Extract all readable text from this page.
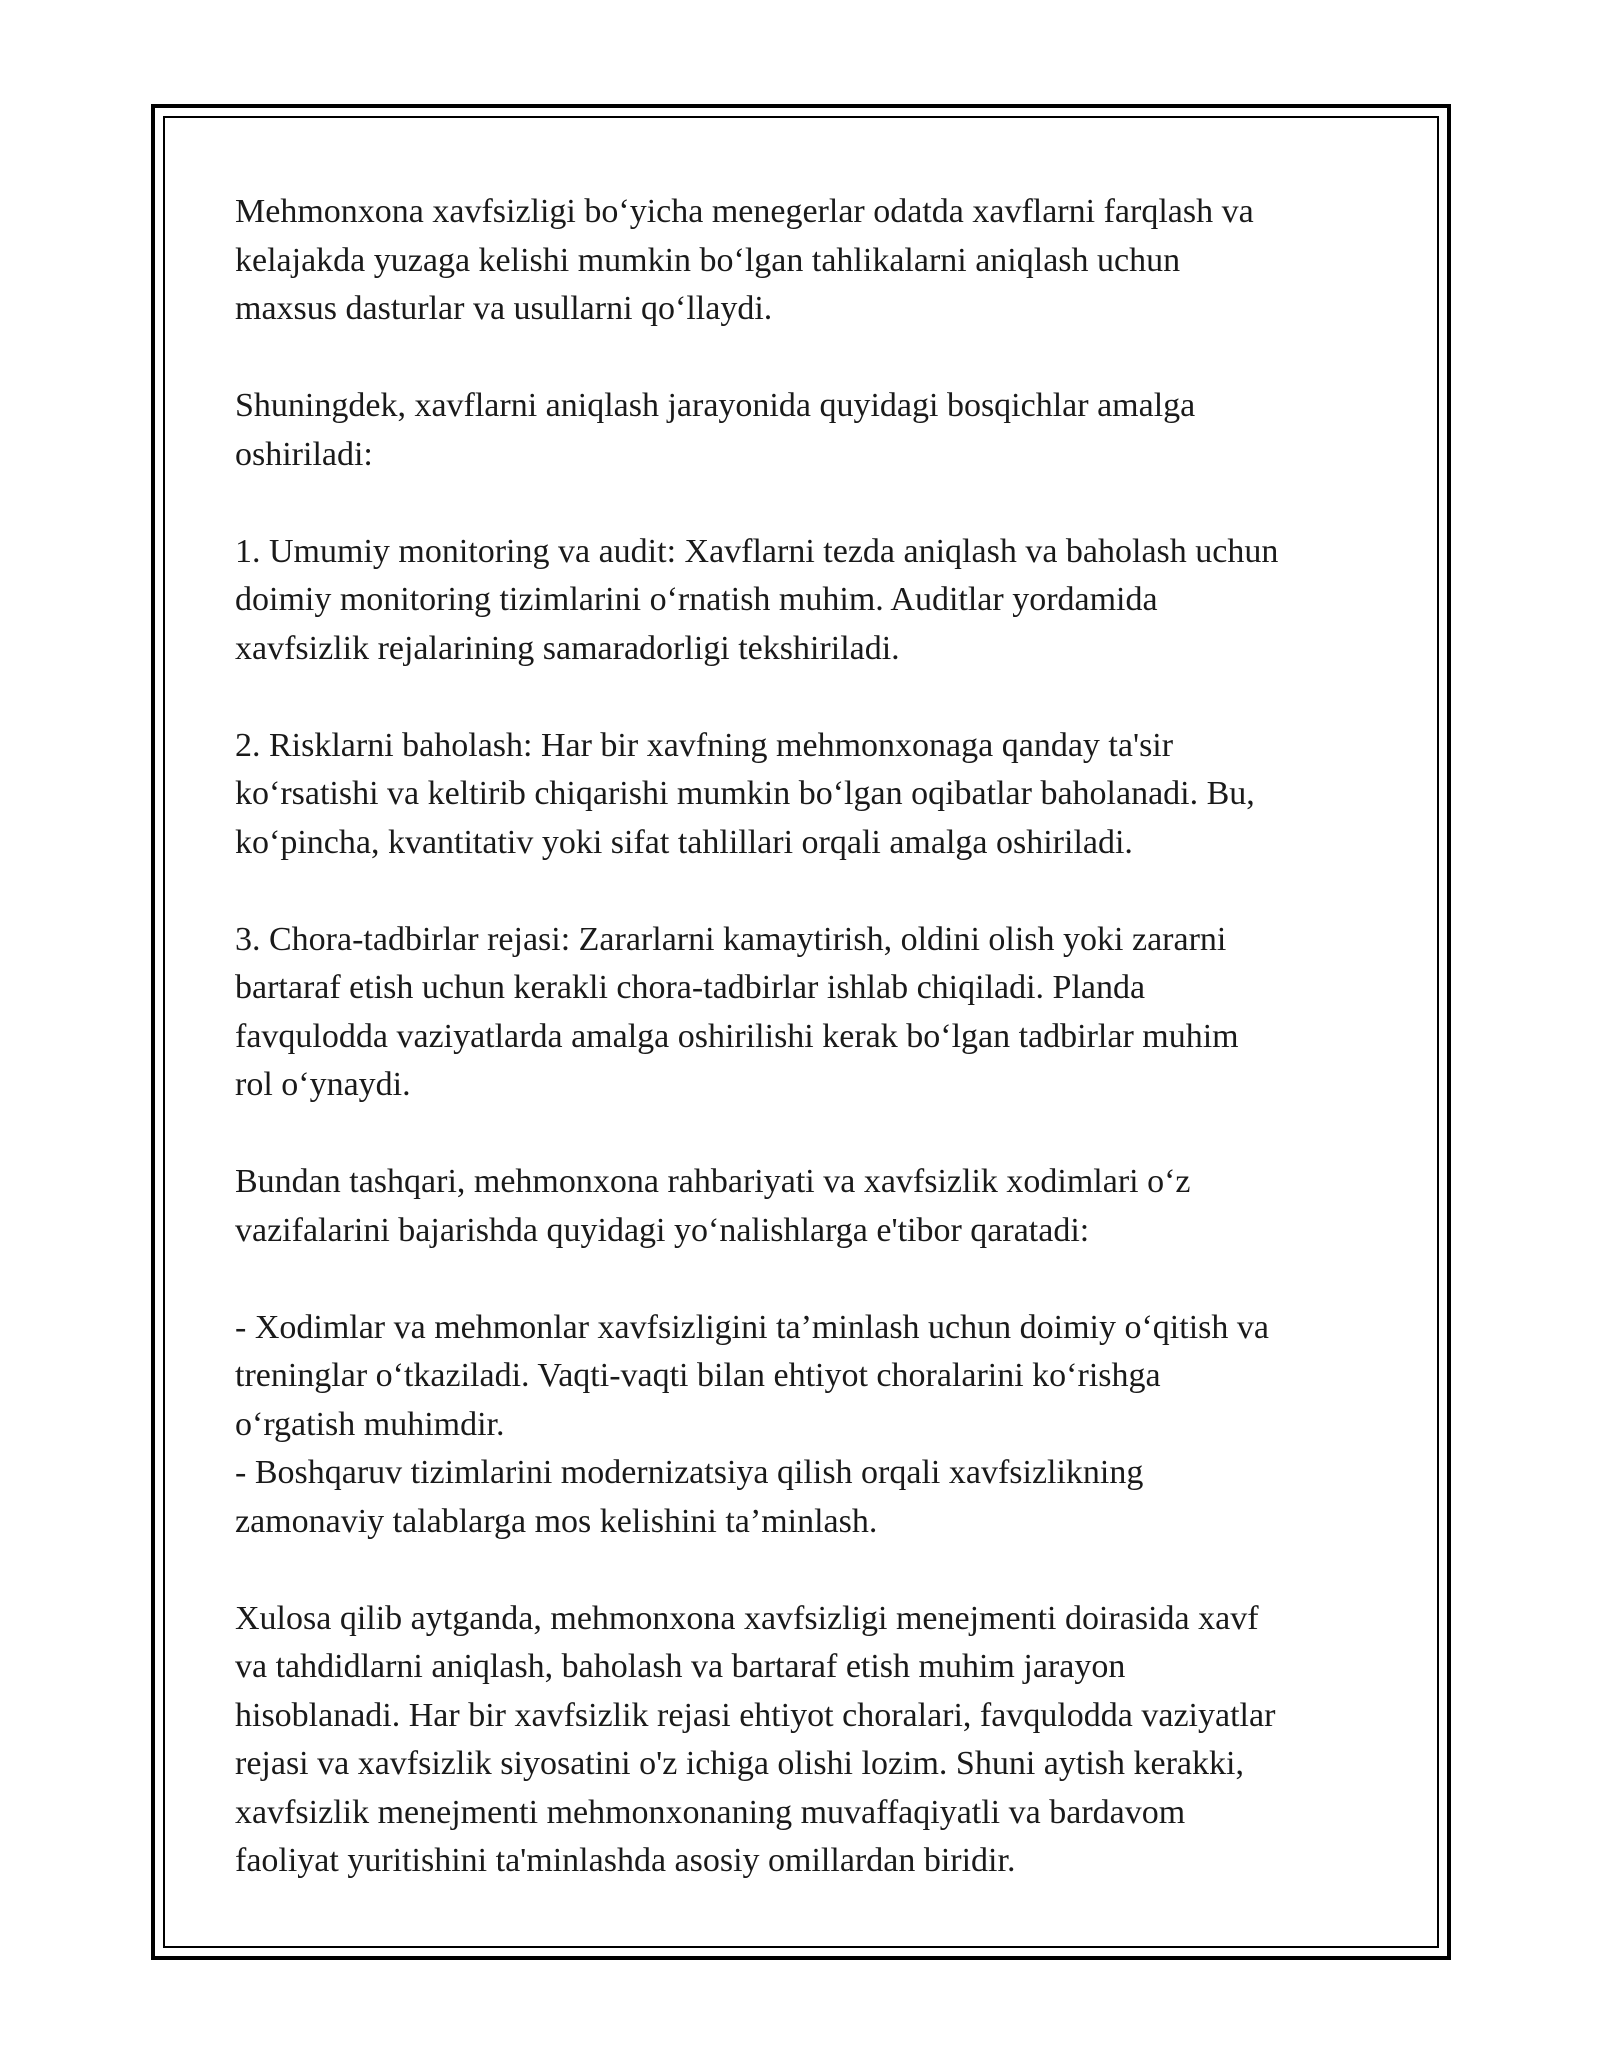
Mehmonxona xavfsizligi bo‘yicha menegerlar odatda xavflarni farqlash va
kelajakda yuzaga kelishi mumkin bo‘lgan tahlikalarni aniqlash uchun
maxsus dasturlar va usullarni qo‘llaydi.

Shuningdek, xavflarni aniqlash jarayonida quyidagi bosqichlar amalga
oshiriladi:

1. Umumiy monitoring va audit: Xavflarni tezda aniqlash va baholash uchun
doimiy monitoring tizimlarini o‘rnatish muhim. Auditlar yordamida
xavfsizlik rejalarining samaradorligi tekshiriladi.

2. Risklarni baholash: Har bir xavfning mehmonxonaga qanday ta'sir
ko‘rsatishi va keltirib chiqarishi mumkin bo‘lgan oqibatlar baholanadi. Bu,
ko‘pincha, kvantitativ yoki sifat tahlillari orqali amalga oshiriladi.

3. Chora-tadbirlar rejasi: Zararlarni kamaytirish, oldini olish yoki zararni
bartaraf etish uchun kerakli chora-tadbirlar ishlab chiqiladi. Planda
favqulodda vaziyatlarda amalga oshirilishi kerak bo‘lgan tadbirlar muhim
rol o‘ynaydi.

Bundan tashqari, mehmonxona rahbariyati va xavfsizlik xodimlari o‘z
vazifalarini bajarishda quyidagi yo‘nalishlarga e'tibor qaratadi:

- Xodimlar va mehmonlar xavfsizligini ta’minlash uchun doimiy o‘qitish va
treninglar o‘tkaziladi. Vaqti-vaqti bilan ehtiyot choralarini ko‘rishga
o‘rgatish muhimdir.
- Boshqaruv tizimlarini modernizatsiya qilish orqali xavfsizlikning
zamonaviy talablarga mos kelishini ta’minlash.

Xulosa qilib aytganda, mehmonxona xavfsizligi menejmenti doirasida xavf
va tahdidlarni aniqlash, baholash va bartaraf etish muhim jarayon
hisoblanadi. Har bir xavfsizlik rejasi ehtiyot choralari, favqulodda vaziyatlar
rejasi va xavfsizlik siyosatini o'z ichiga olishi lozim. Shuni aytish kerakki,
xavfsizlik menejmenti mehmonxonaning muvaffaqiyatli va bardavom
faoliyat yuritishini ta'minlashda asosiy omillardan biridir.
